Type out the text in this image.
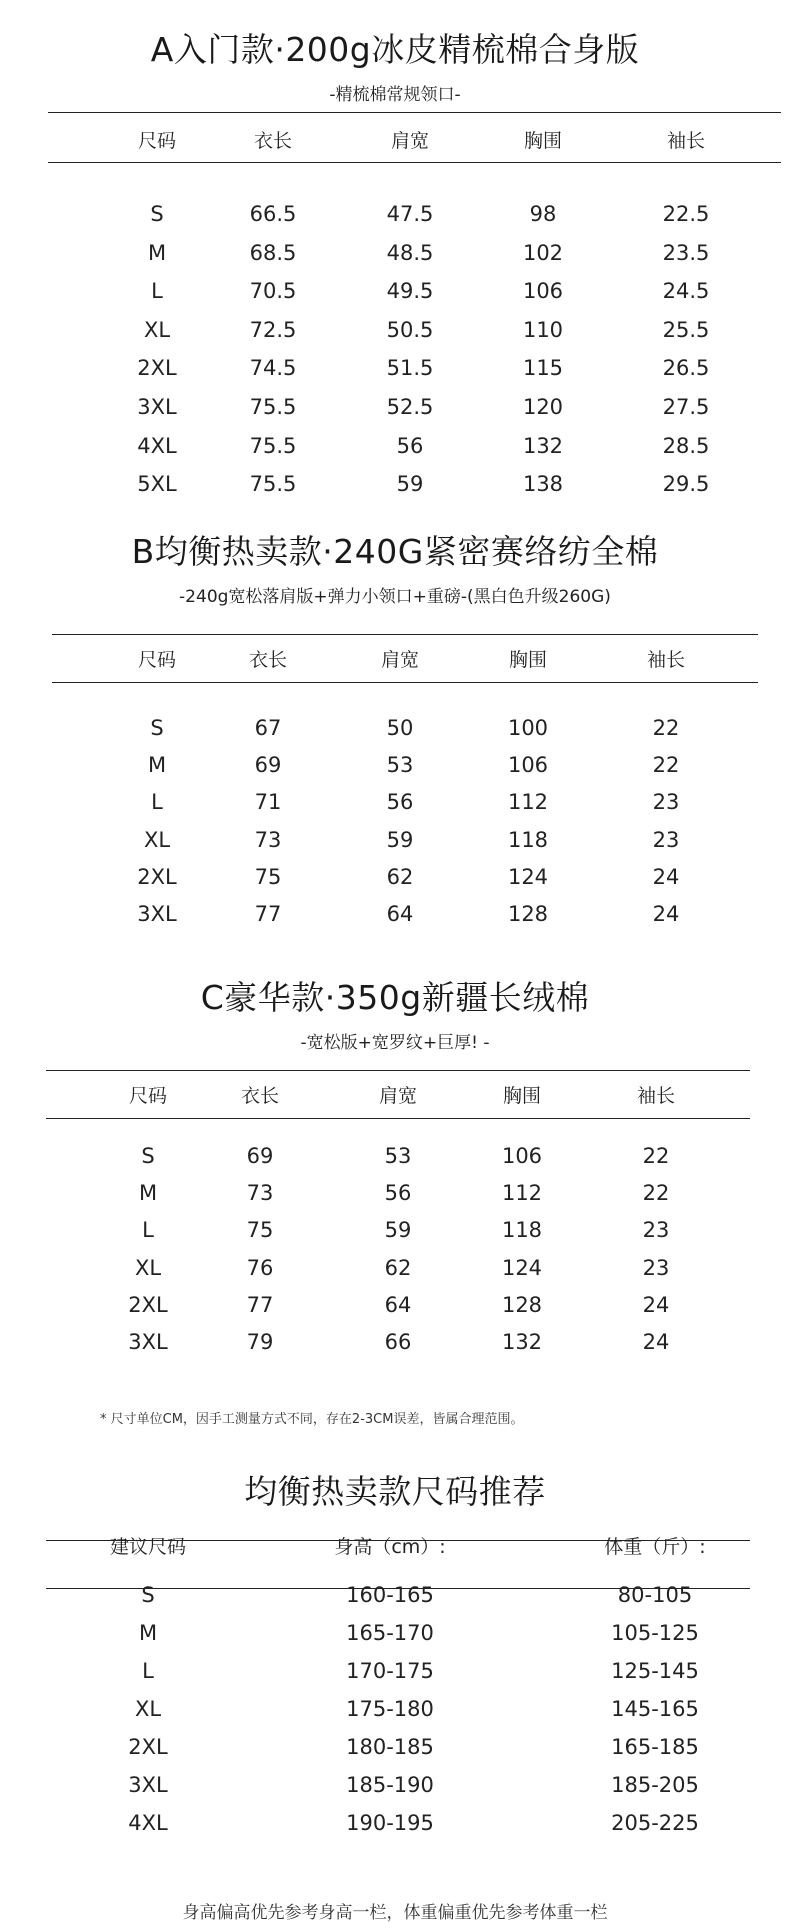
A入门款·200g冰皮精梳棉合身版
-精梳棉常规领口-
尺码	衣长	肩宽	胸围	袖长
S	66.5	47.5	98	22.5
M	68.5	48.5	102	23.5
L	70.5	49.5	106	24.5
XL	72.5	50.5	110	25.5
2XL	74.5	51.5	115	26.5
3XL	75.5	52.5	120	27.5
4XL	75.5	56	132	28.5
5XL	75.5	59	138	29.5
B均衡热卖款·240G紧密赛络纺全棉
-240g宽松落肩版+弹力小领口+重磅-(黑白色升级260G)
尺码	衣长	肩宽	胸围	袖长
S	67	50	100	22
M	69	53	106	22
L	71	56	112	23
XL	73	59	118	23
2XL	75	62	124	24
3XL	77	64	128	24
C豪华款·350g新疆长绒棉
-宽松版+宽罗纹+巨厚! -
尺码	衣长	肩宽	胸围	袖长
S	69	53	106	22
M	73	56	112	22
L	75	59	118	23
XL	76	62	124	23
2XL	77	64	128	24
3XL	79	66	132	24
* 尺寸单位CM，因手工测量方式不同，存在2-3CM误差，皆属合理范围。
均衡热卖款尺码推荐
建议尺码	身高（cm）:	体重（斤）:
S	160-165	80-105
M	165-170	105-125
L	170-175	125-145
XL	175-180	145-165
2XL	180-185	165-185
3XL	185-190	185-205
4XL	190-195	205-225
身高偏高优先参考身高一栏，体重偏重优先参考体重一栏
